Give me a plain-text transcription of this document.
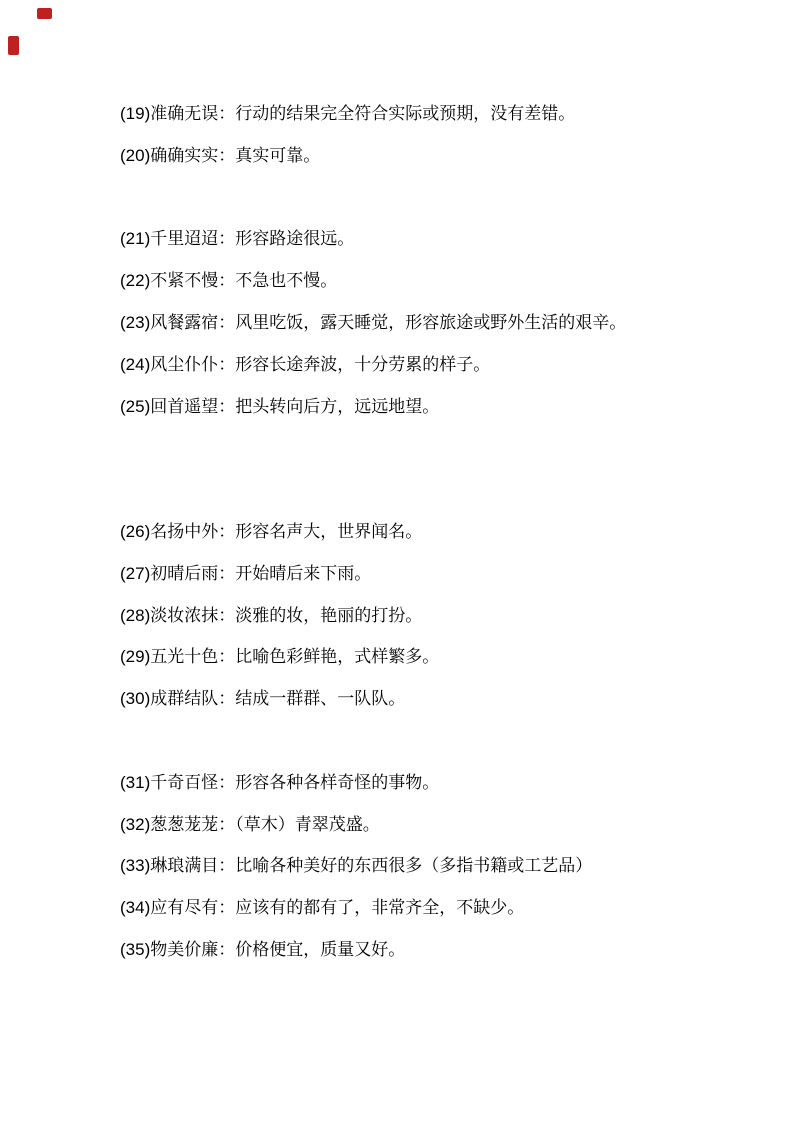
(19)准确无误：行动的结果完全符合实际或预期，没有差错。

(20)确确实实：真实可靠。

(21)千里迢迢：形容路途很远。

(22)不紧不慢：不急也不慢。

(23)风餐露宿：风里吃饭，露天睡觉，形容旅途或野外生活的艰辛。

(24)风尘仆仆：形容长途奔波，十分劳累的样子。

(25)回首遥望：把头转向后方，远远地望。

(26)名扬中外：形容名声大，世界闻名。

(27)初晴后雨：开始晴后来下雨。

(28)淡妆浓抹：淡雅的妆，艳丽的打扮。

(29)五光十色：比喻色彩鲜艳，式样繁多。

(30)成群结队：结成一群群、一队队。

(31)千奇百怪：形容各种各样奇怪的事物。

(32)葱葱茏茏：（草木）青翠茂盛。

(33)琳琅满目：比喻各种美好的东西很多（多指书籍或工艺品）

(34)应有尽有：应该有的都有了，非常齐全，不缺少。

(35)物美价廉：价格便宜，质量又好。
